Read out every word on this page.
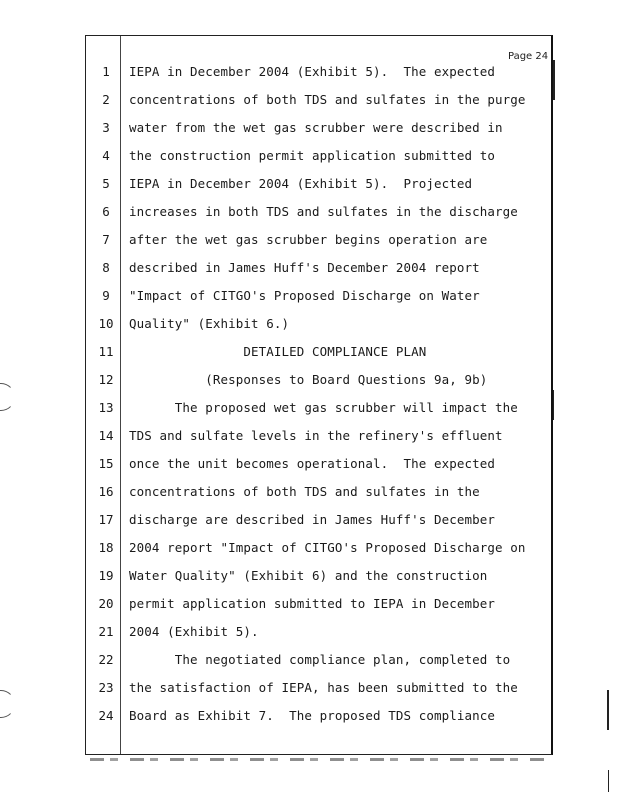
Page 24
1	IEPA in December 2004 (Exhibit 5).  The expected
2	concentrations of both TDS and sulfates in the purge
3	water from the wet gas scrubber were described in
4	the construction permit application submitted to
5	IEPA in December 2004 (Exhibit 5).  Projected
6	increases in both TDS and sulfates in the discharge
7	after the wet gas scrubber begins operation are
8	described in James Huff's December 2004 report
9	"Impact of CITGO's Proposed Discharge on Water
10 Quality" (Exhibit 6.)
11 DETAILED COMPLIANCE PLAN
12 (Responses to Board Questions 9a, 9b)
13 The proposed wet gas scrubber will impact the
14 TDS and sulfate levels in the refinery's effluent
15 once the unit becomes operational.  The expected
16 concentrations of both TDS and sulfates in the
17 discharge are described in James Huff's December
18 2004 report "Impact of CITGO's Proposed Discharge on
19 Water Quality" (Exhibit 6) and the construction
20 permit application submitted to IEPA in December
21 2004 (Exhibit 5).
22 The negotiated compliance plan, completed to
23 the satisfaction of IEPA, has been submitted to the
24 Board as Exhibit 7.  The proposed TDS compliance
